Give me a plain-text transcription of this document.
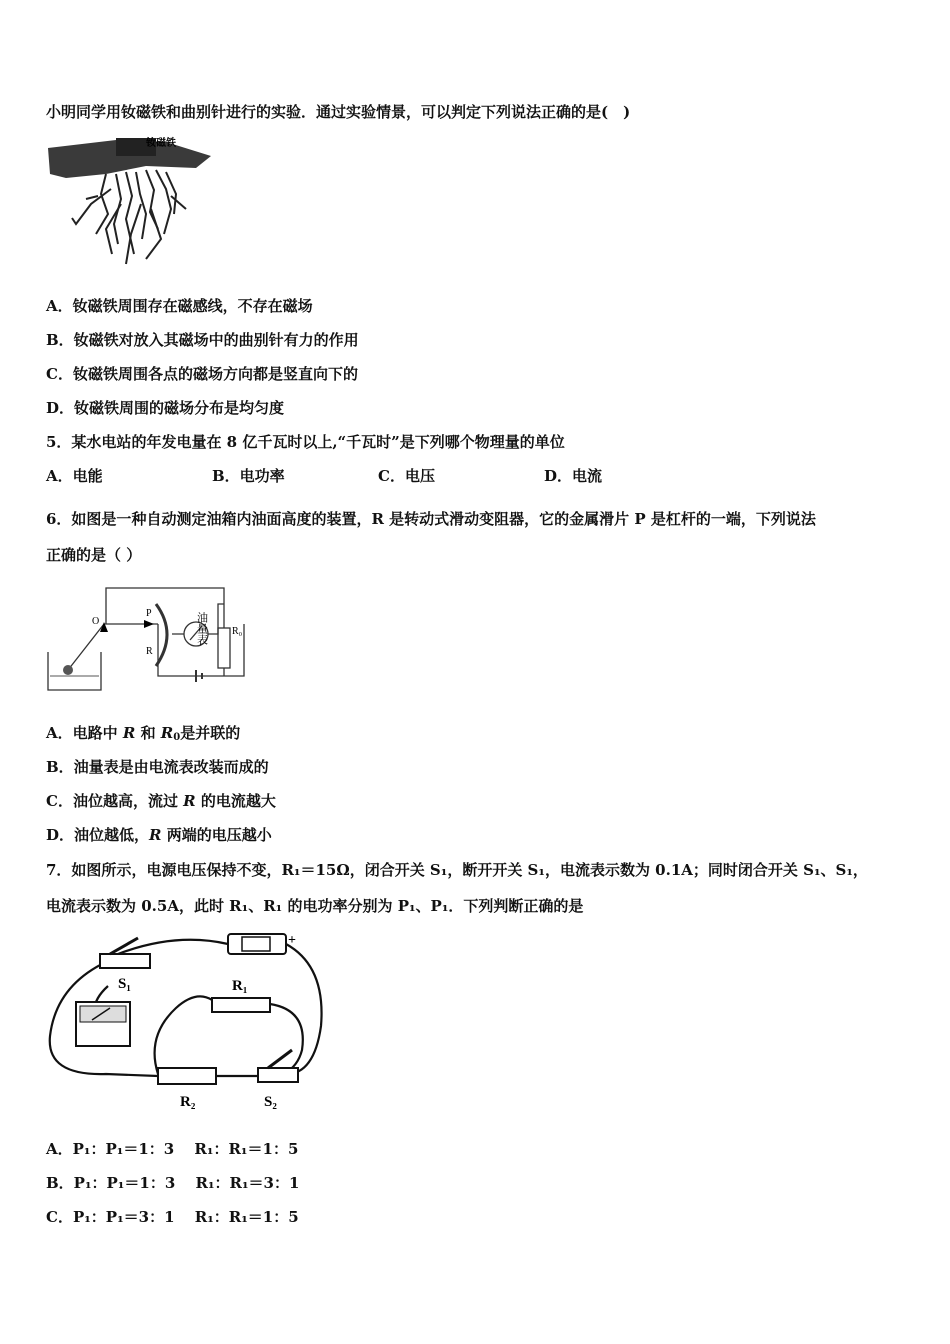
小明同学用钕磁铁和曲别针进行的实验．通过实验情景，可以判定下列说法正确的是(　)
钕磁铁
A．钕磁铁周围存在磁感线，不存在磁场
B．钕磁铁对放入其磁场中的曲别针有力的作用
C．钕磁铁周围各点的磁场方向都是竖直向下的
D．钕磁铁周围的磁场分布是均匀度
5．某水电站的年发电量在 8 亿千瓦时以上,“千瓦时”是下列哪个物理量的单位
A．电能	B．电功率	C．电压	D．电流
6．如图是一种自动测定油箱内油面高度的装置，R 是转动式滑动变阻器，它的金属滑片 P 是杠杆的一端，下列说法
正确的是（ ）
O
P
R
R₀
油量表
A．电路中 R 和 $R_0$是并联的
B．油量表是由电流表改装而成的
C．油位越高，流过 R 的电流越大
D．油位越低，R 两端的电压越小
7．如图所示，电源电压保持不变，R₁＝15Ω，闭合开关 S₁，断开开关 S₁，电流表示数为 0.1A；同时闭合开关 S₁、S₁，
电流表示数为 0.5A，此时 R₁、R₁ 的电功率分别为 P₁、P₁．下列判断正确的是
S₁	R₁
R₂	S₂
+
A．P₁：P₁＝1：3　 R₁：R₁＝1：5
B．P₁：P₁＝1：3　 R₁：R₁＝3：1
C．P₁：P₁＝3：1　 R₁：R₁＝1：5
